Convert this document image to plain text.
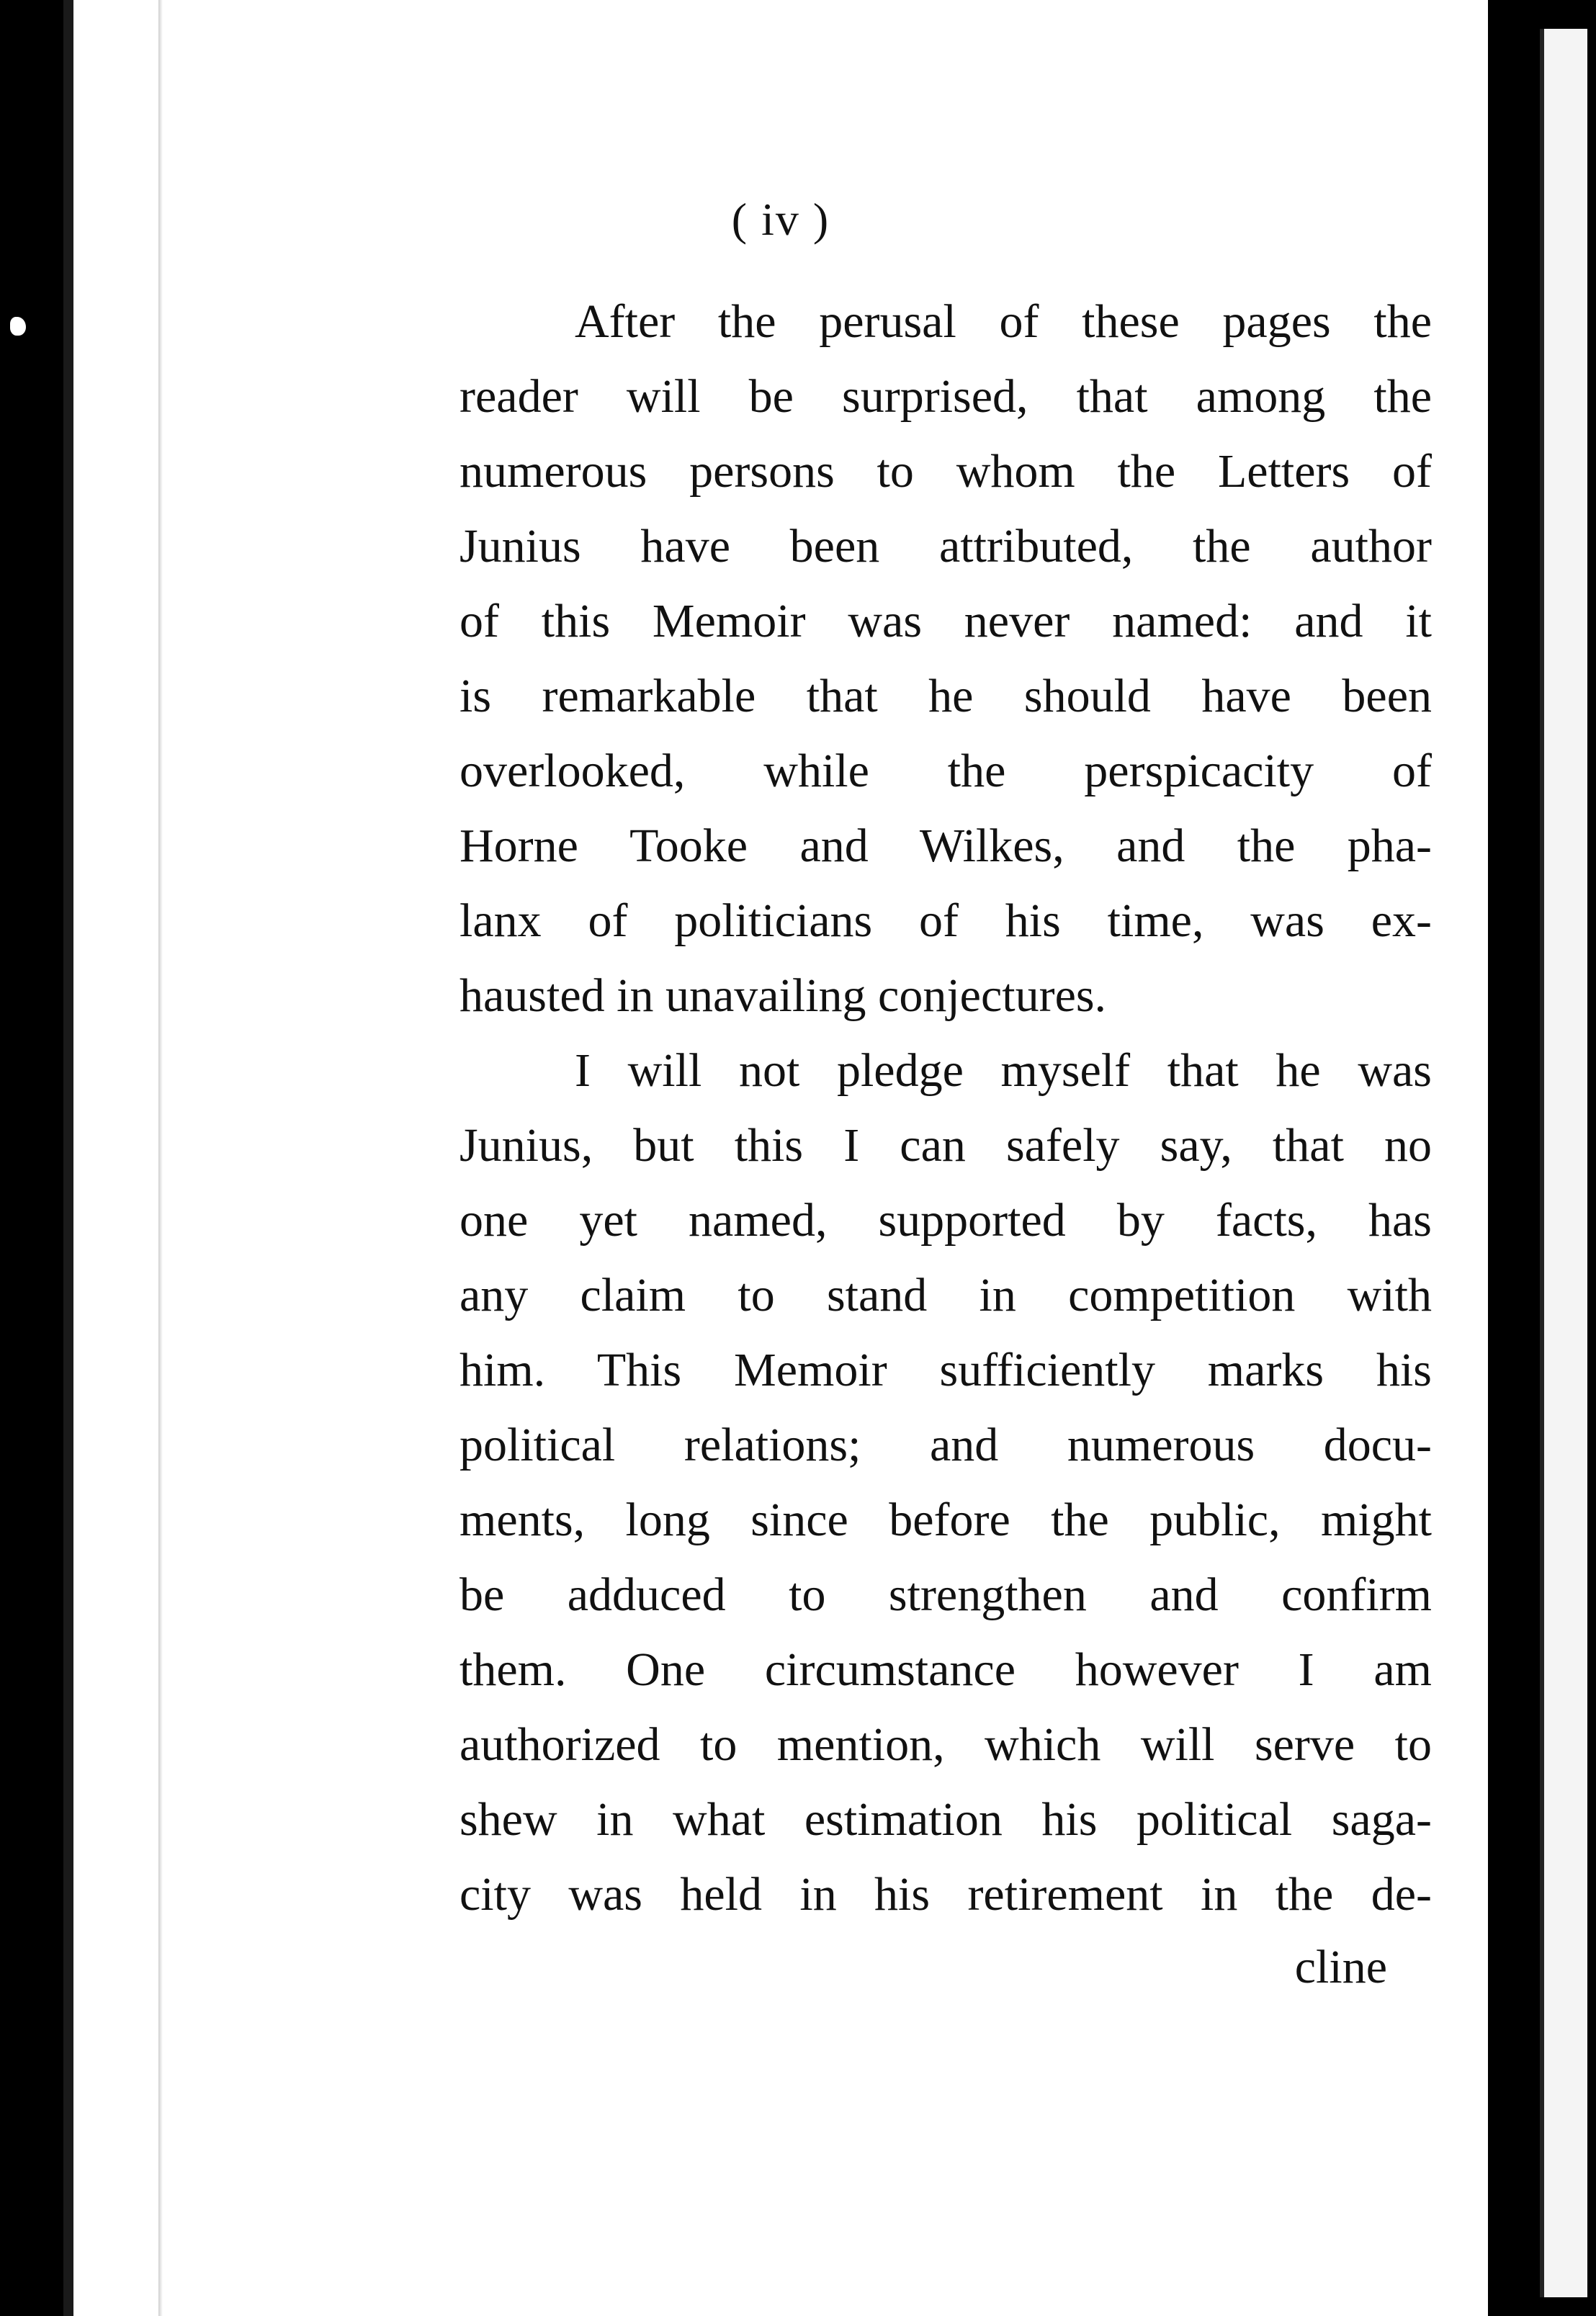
( iv )
After the perusal of these pages the
reader will be surprised, that among the
numerous persons to whom the Letters of
Junius have been attributed, the author
of this Memoir was never named: and it
is remarkable that he should have been
overlooked, while the perspicacity of
Horne Tooke and Wilkes, and the pha-
lanx of politicians of his time, was ex-
hausted in unavailing conjectures.
I will not pledge myself that he was
Junius, but this I can safely say, that no
one yet named, supported by facts, has
any claim to stand in competition with
him. This Memoir sufficiently marks his
political relations; and numerous docu-
ments, long since before the public, might
be adduced to strengthen and confirm
them. One circumstance however I am
authorized to mention, which will serve to
shew in what estimation his political saga-
city was held in his retirement in the de-
cline
